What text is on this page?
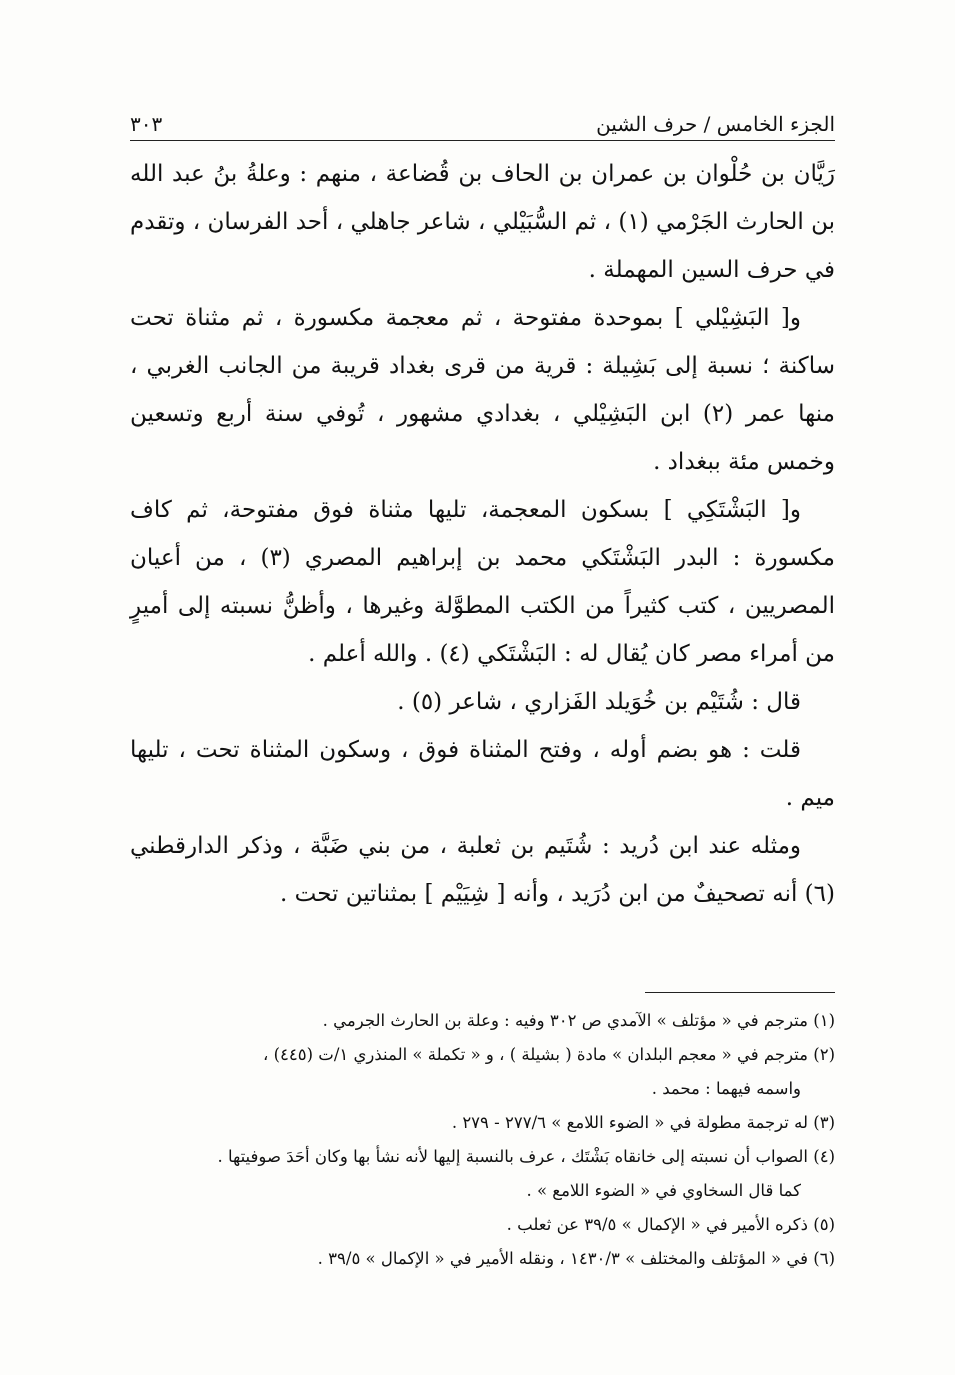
الجزء الخامس / حرف الشين
٣٠٣

رَيَّان بن حُلْوان بن عمران بن الحاف بن قُضاعة ، منهم : وعلةُ بنُ عبد الله بن الحارث الجَرْمي (١) ، ثم السُّبَيْلي ، شاعر جاهلي ، أحد الفرسان ، وتقدم في حرف السين المهملة .

و[ البَشِيْلي ] بموحدة مفتوحة ، ثم معجمة مكسورة ، ثم مثناة تحت ساكنة ؛ نسبة إلى بَشِيلة : قرية من قرى بغداد قريبة من الجانب الغربي ، منها عمر (٢) ابن البَشِيْلي ، بغدادي مشهور ، تُوفي سنة أربع وتسعين وخمس مئة ببغداد .

و[ البَشْتَكِي ] بسكون المعجمة، تليها مثناة فوق مفتوحة، ثم كاف مكسورة : البدر البَشْتَكي محمد بن إبراهيم المصري (٣) ، من أعيان المصريين ، كتب كثيراً من الكتب المطوَّلة وغيرها ، وأظنُّ نسبته إلى أميرٍ من أمراء مصر كان يُقال له : البَشْتَكي (٤) . والله أعلم .

قال : شُتَيْم بن خُوَيلد الفَزاري ، شاعر (٥) .

قلت : هو بضم أوله ، وفتح المثناة فوق ، وسكون المثناة تحت ، تليها ميم .

ومثله عند ابن دُريد : شُتَيم بن ثعلبة ، من بني ضَبَّة ، وذكر الدارقطني (٦) أنه تصحيفٌ من ابن دُرَيد ، وأنه [ شِيَيْم ] بمثناتين تحت .

(١) مترجم في « مؤتلف » الآمدي ص ٣٠٢ وفيه : وعلة بن الحارث الجرمي .

(٢) مترجم في « معجم البلدان » مادة ( بشيلة ) ، و « تكملة » المنذري ١/ت (٤٤٥) ،

واسمه فيهما : محمد .

(٣) له ترجمة مطولة في « الضوء اللامع » ٢٧٧/٦ - ٢٧٩ .

(٤) الصواب أن نسبته إلى خانقاه بَشْتَك ، عرف بالنسبة إليها لأنه نشأ بها وكان أحَدَ صوفيتها .

كما قال السخاوي في « الضوء اللامع » .

(٥) ذكره الأمير في « الإكمال » ٣٩/٥ عن ثعلب .

(٦) في « المؤتلف والمختلف » ١٤٣٠/٣ ، ونقله الأمير في « الإكمال » ٣٩/٥ .
